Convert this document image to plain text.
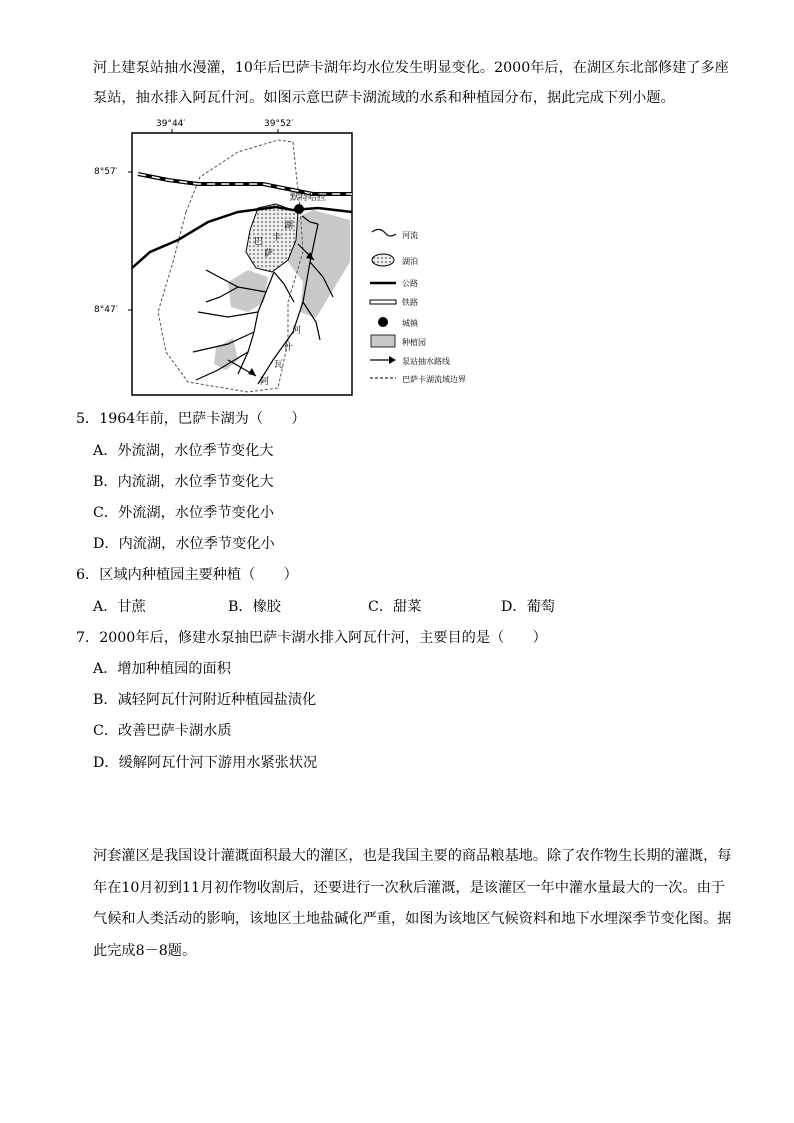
河上建泵站抽水漫灌，10年后巴萨卡湖年均水位发生明显变化。2000年后，在湖区东北部修建了多座
泵站，抽水排入阿瓦什河。如图示意巴萨卡湖流域的水系和种植园分布，据此完成下列小题。
39°44′	39°52′
8°57′
8°47′
巴
萨
卡
湖
默特哈拉
河
什
瓦
阿
河流
湖泊
公路
铁路
城镇
种植园
泵站抽水路线
巴萨卡湖流域边界
5．1964年前，巴萨卡湖为（　　）
A．外流湖，水位季节变化大
B．内流湖，水位季节变化大
C．外流湖，水位季节变化小
D．内流湖，水位季节变化小
6．区域内种植园主要种植（　　）
A．甘蔗	B．橡胶	C．甜菜	D．葡萄
7．2000年后，修建水泵抽巴萨卡湖水排入阿瓦什河，主要目的是（　　）
A．增加种植园的面积
B．减轻阿瓦什河附近种植园盐渍化
C．改善巴萨卡湖水质
D．缓解阿瓦什河下游用水紧张状况
河套灌区是我国设计灌溉面积最大的灌区，也是我国主要的商品粮基地。除了农作物生长期的灌溉，每
年在10月初到11月初作物收割后，还要进行一次秋后灌溉，是该灌区一年中灌水量最大的一次。由于
气候和人类活动的影响，该地区土地盐碱化严重，如图为该地区气候资料和地下水埋深季节变化图。据
此完成8－8题。
